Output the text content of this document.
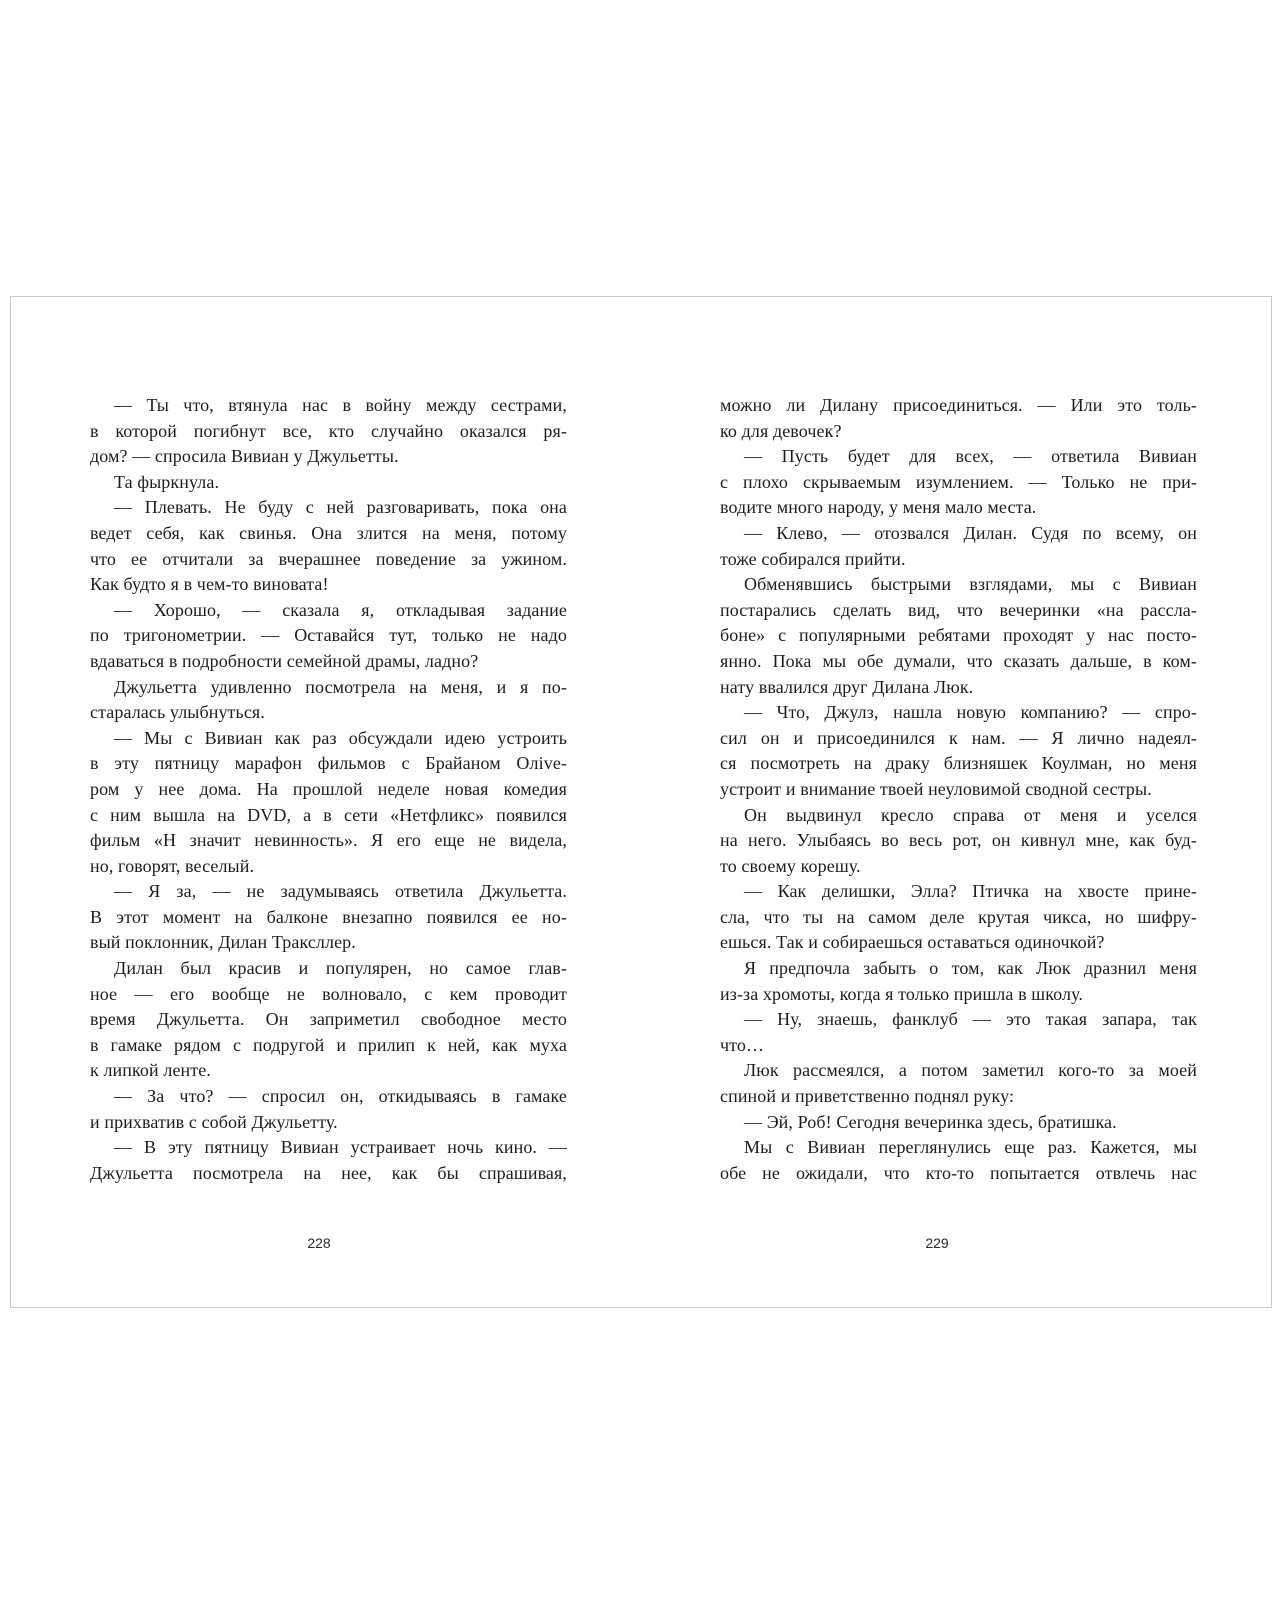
— Ты что, втянула нас в войну между сестрами,
в которой погибнут все, кто случайно оказался ря-
дом? — спросила Вивиан у Джульетты.
Та фыркнула.
— Плевать. Не буду с ней разговаривать, пока она
ведет себя, как свинья. Она злится на меня, потому
что ее отчитали за вчерашнее поведение за ужином.
Как будто я в чем-то виновата!
— Хорошо, — сказала я, откладывая задание
по тригонометрии. — Оставайся тут, только не надо
вдаваться в подробности семейной драмы, ладно?
Джульетта удивленно посмотрела на меня, и я по-
старалась улыбнуться.
— Мы с Вивиан как раз обсуждали идею устроить
в эту пятницу марафон фильмов с Брайаном Олive-
ром у нее дома. На прошлой неделе новая комедия
с ним вышла на DVD, а в сети «Нетфликс» появился
фильм «Н значит невинность». Я его еще не видела,
но, говорят, веселый.
— Я за, — не задумываясь ответила Джульетта.
В этот момент на балконе внезапно появился ее но-
вый поклонник, Дилан Траксллер.
Дилан был красив и популярен, но самое глав-
ное — его вообще не волновало, с кем проводит
время Джульетта. Он заприметил свободное место
в гамаке рядом с подругой и прилип к ней, как муха
к липкой ленте.
— За что? — спросил он, откидываясь в гамаке
и прихватив с собой Джульетту.
— В эту пятницу Вивиан устраивает ночь кино. —
Джульетта посмотрела на нее, как бы спрашивая,
можно ли Дилану присоединиться. — Или это толь-
ко для девочек?
— Пусть будет для всех, — ответила Вивиан
с плохо скрываемым изумлением. — Только не при-
водите много народу, у меня мало места.
— Клево, — отозвался Дилан. Судя по всему, он
тоже собирался прийти.
Обменявшись быстрыми взглядами, мы с Вивиан
постарались сделать вид, что вечеринки «на рассла-
боне» с популярными ребятами проходят у нас посто-
янно. Пока мы обе думали, что сказать дальше, в ком-
нату ввалился друг Дилана Люк.
— Что, Джулз, нашла новую компанию? — спро-
сил он и присоединился к нам. — Я лично надеял-
ся посмотреть на драку близняшек Коулман, но меня
устроит и внимание твоей неуловимой сводной сестры.
Он выдвинул кресло справа от меня и уселся
на него. Улыбаясь во весь рот, он кивнул мне, как буд-
то своему корешу.
— Как делишки, Элла? Птичка на хвосте прине-
сла, что ты на самом деле крутая чикса, но шифру-
ешься. Так и собираешься оставаться одиночкой?
Я предпочла забыть о том, как Люк дразнил меня
из-за хромоты, когда я только пришла в школу.
— Ну, знаешь, фанклуб — это такая запара, так
что…
Люк рассмеялся, а потом заметил кого-то за моей
спиной и приветственно поднял руку:
— Эй, Роб! Сегодня вечеринка здесь, братишка.
Мы с Вивиан переглянулись еще раз. Кажется, мы
обе не ожидали, что кто-то попытается отвлечь нас
228	229
